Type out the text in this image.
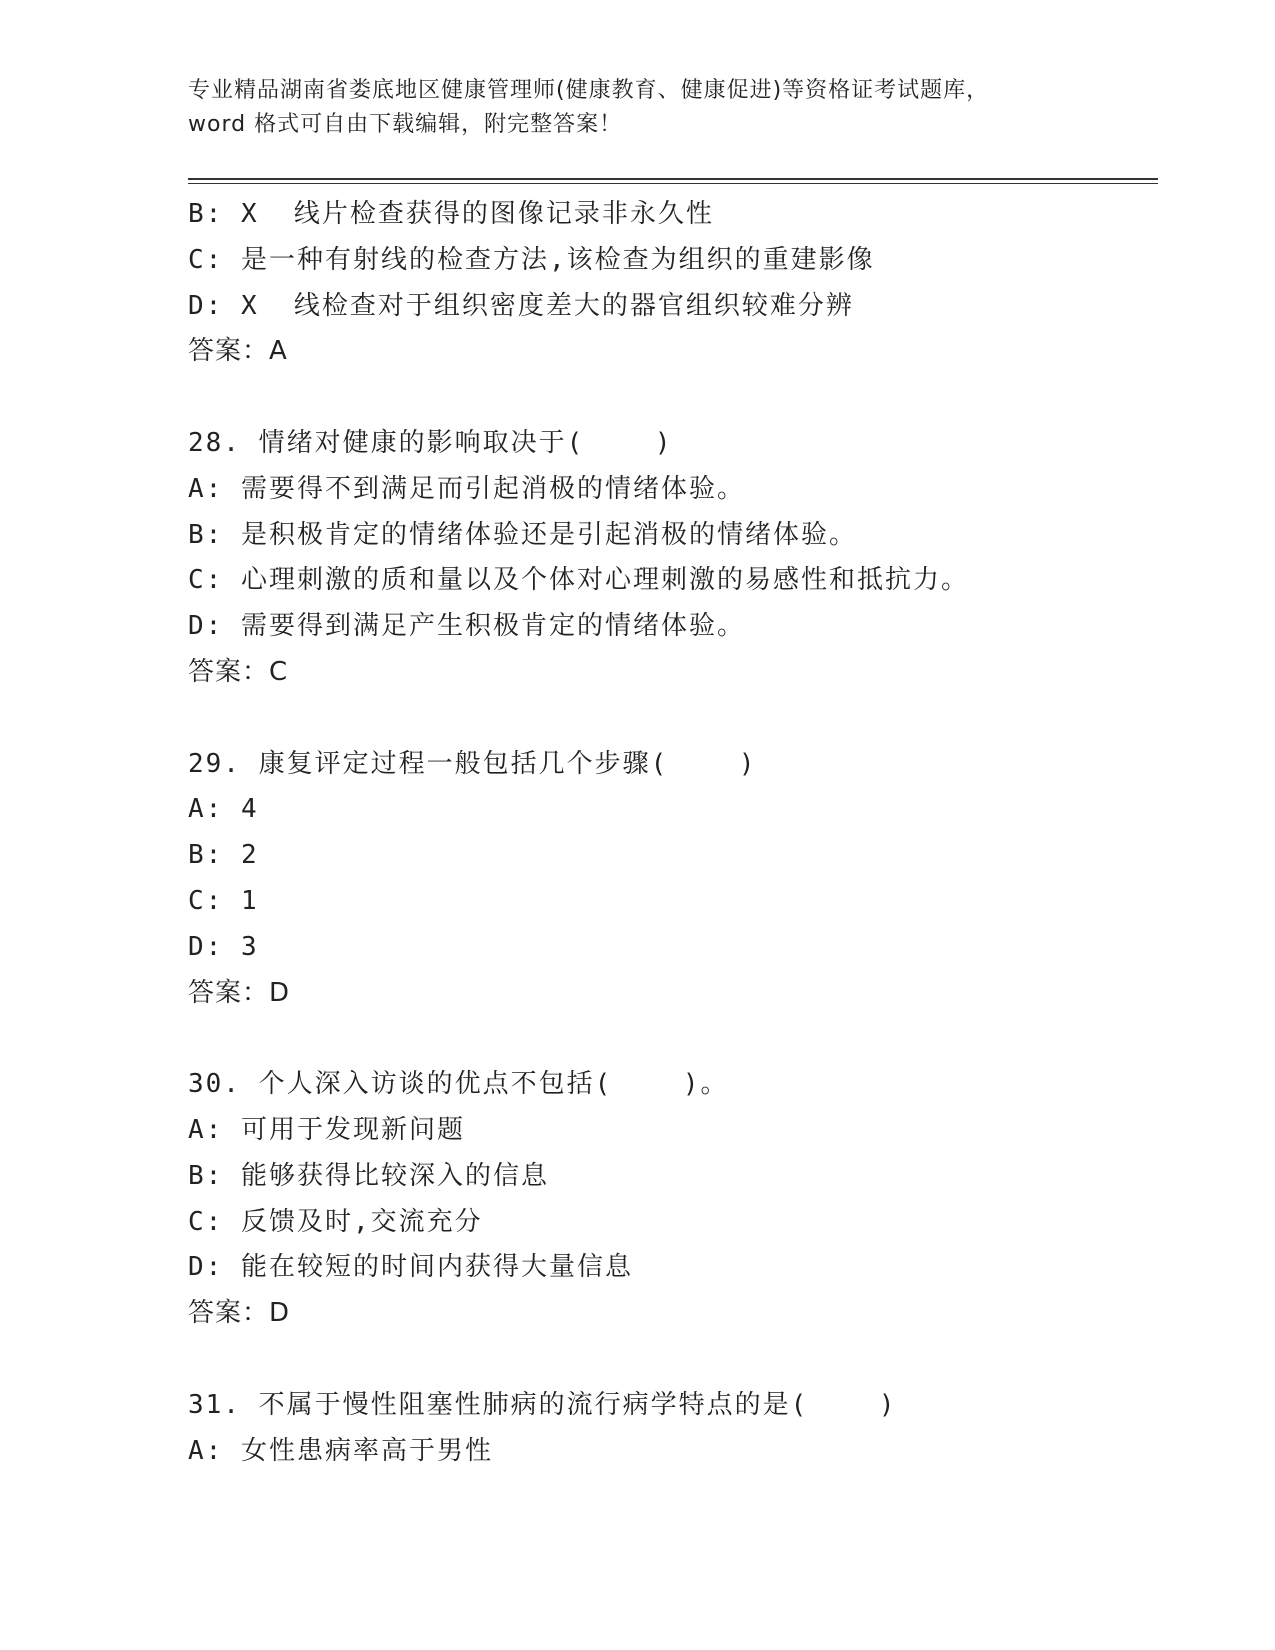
专业精品湖南省娄底地区健康管理师(健康教育、健康促进)等资格证考试题库，
word 格式可自由下载编辑，附完整答案！
B: X  线片检查获得的图像记录非永久性
C: 是一种有射线的检查方法,该检查为组织的重建影像
D: X  线检查对于组织密度差大的器官组织较难分辨
答案：A
28. 情绪对健康的影响取决于(    )
A: 需要得不到满足而引起消极的情绪体验。
B: 是积极肯定的情绪体验还是引起消极的情绪体验。
C: 心理刺激的质和量以及个体对心理刺激的易感性和抵抗力。
D: 需要得到满足产生积极肯定的情绪体验。
答案：C
29. 康复评定过程一般包括几个步骤(    )
A: 4
B: 2
C: 1
D: 3
答案：D
30. 个人深入访谈的优点不包括(    )。
A: 可用于发现新问题
B: 能够获得比较深入的信息
C: 反馈及时,交流充分
D: 能在较短的时间内获得大量信息
答案：D
31. 不属于慢性阻塞性肺病的流行病学特点的是(    )
A: 女性患病率高于男性
